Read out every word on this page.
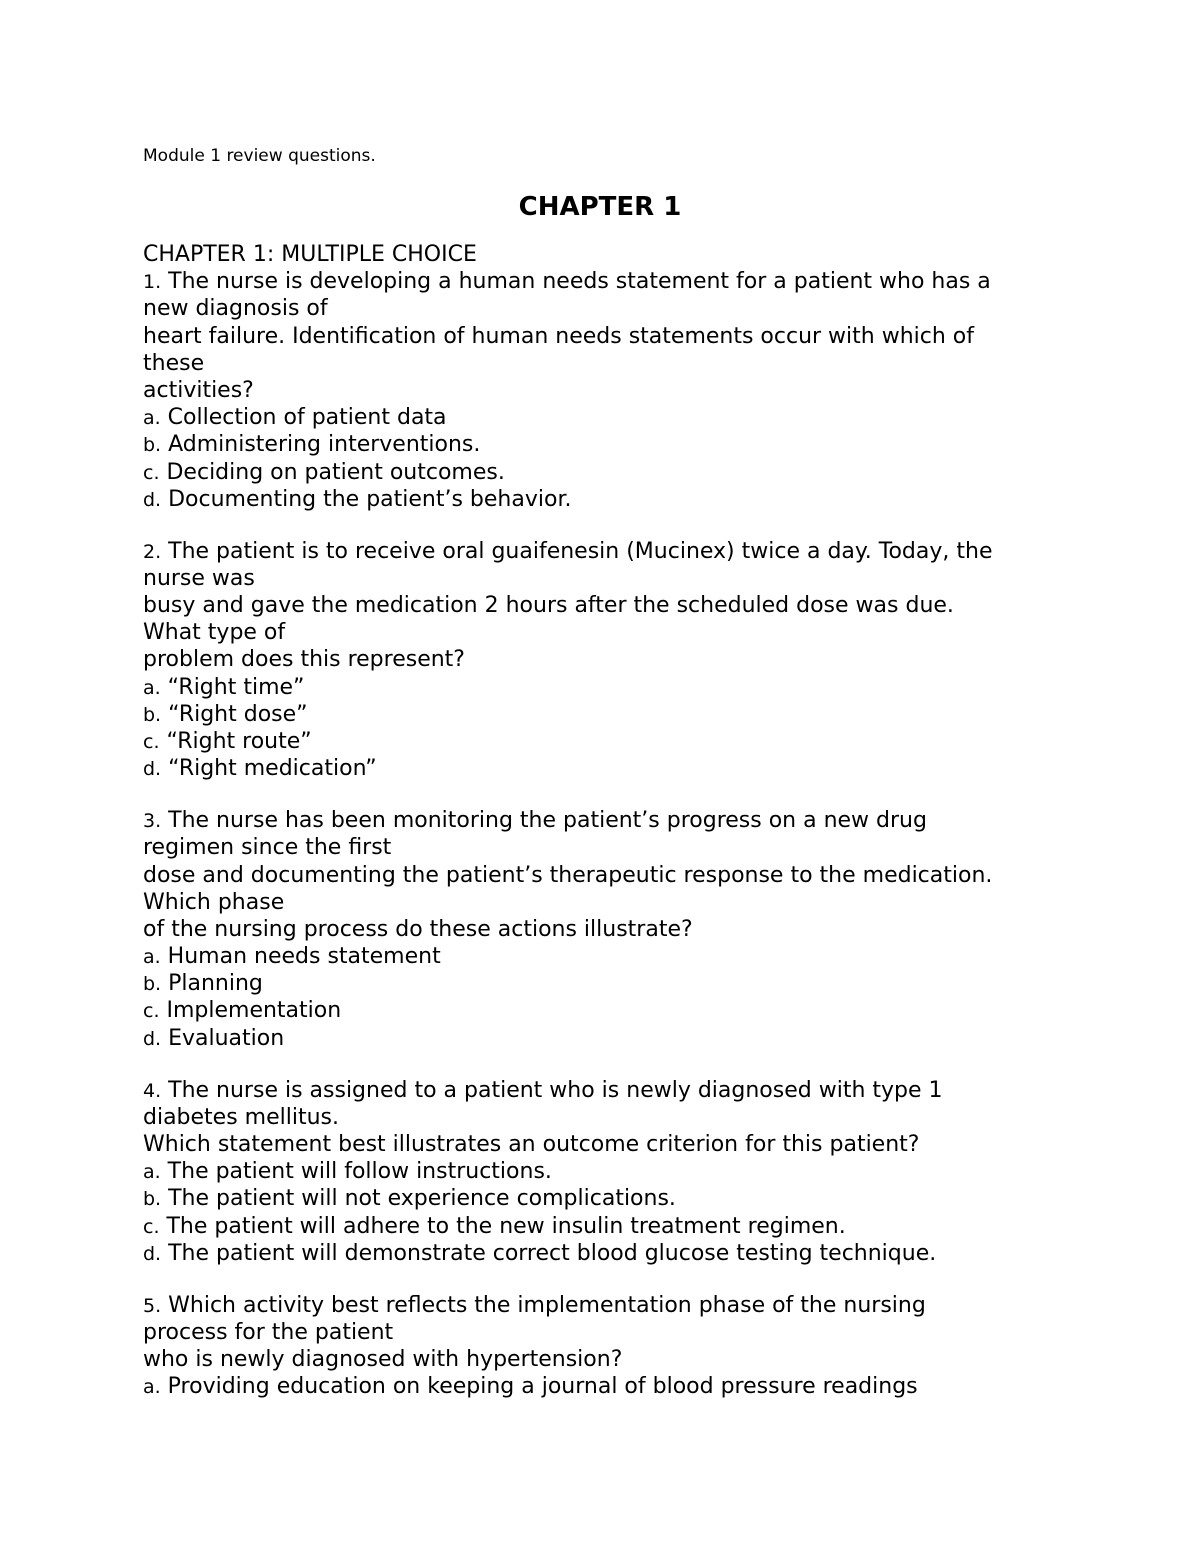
Module 1 review questions.
CHAPTER 1
CHAPTER 1: MULTIPLE CHOICE
1. The nurse is developing a human needs statement for a patient who has a
new diagnosis of
heart failure. Identification of human needs statements occur with which of
these
activities?
a. Collection of patient data
b. Administering interventions.
c. Deciding on patient outcomes.
d. Documenting the patient’s behavior.
2. The patient is to receive oral guaifenesin (Mucinex) twice a day. Today, the
nurse was
busy and gave the medication 2 hours after the scheduled dose was due.
What type of
problem does this represent?
a. “Right time”
b. “Right dose”
c. “Right route”
d. “Right medication”
3. The nurse has been monitoring the patient’s progress on a new drug
regimen since the first
dose and documenting the patient’s therapeutic response to the medication.
Which phase
of the nursing process do these actions illustrate?
a. Human needs statement
b. Planning
c. Implementation
d. Evaluation
4. The nurse is assigned to a patient who is newly diagnosed with type 1
diabetes mellitus.
Which statement best illustrates an outcome criterion for this patient?
a. The patient will follow instructions.
b. The patient will not experience complications.
c. The patient will adhere to the new insulin treatment regimen.
d. The patient will demonstrate correct blood glucose testing technique.
5. Which activity best reflects the implementation phase of the nursing
process for the patient
who is newly diagnosed with hypertension?
a. Providing education on keeping a journal of blood pressure readings
